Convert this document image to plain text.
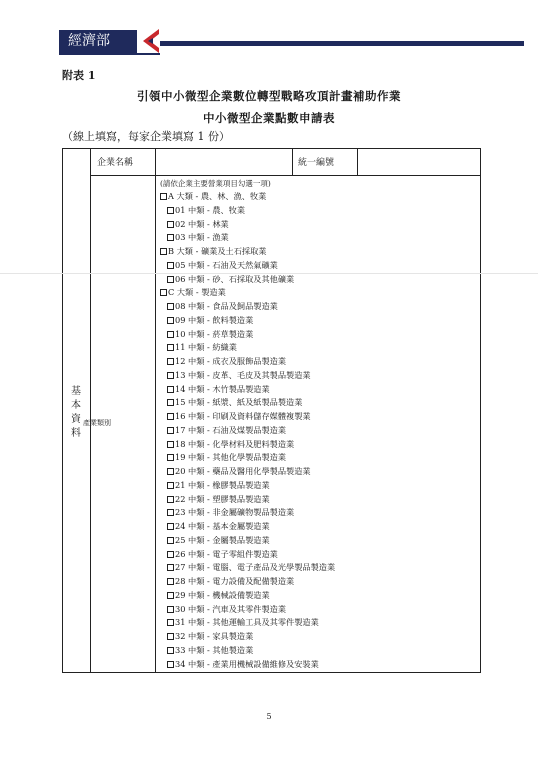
經濟部
附表 1
引領中小微型企業數位轉型戰略攻頂計畫補助作業
中小微型企業點數申請表
（線上填寫，每家企業填寫 1 份）
企業名稱	統一編號
基本資料
產業類別
(請依企業主要營業項目勾選一項)
A 大類 - 農、林、漁、牧業
01 中類 - 農、牧業
02 中類 - 林業
03 中類 - 漁業
B 大類 - 礦業及土石採取業
05 中類 - 石油及天然氣礦業
06 中類 - 砂、石採取及其他礦業
C 大類 - 製造業
08 中類 - 食品及飼品製造業
09 中類 - 飲料製造業
10 中類 - 菸草製造業
11 中類 - 紡織業
12 中類 - 成衣及服飾品製造業
13 中類 - 皮革、毛皮及其製品製造業
14 中類 - 木竹製品製造業
15 中類 - 紙漿、紙及紙製品製造業
16 中類 - 印刷及資料儲存媒體複製業
17 中類 - 石油及煤製品製造業
18 中類 - 化學材料及肥料製造業
19 中類 - 其他化學製品製造業
20 中類 - 藥品及醫用化學製品製造業
21 中類 - 橡膠製品製造業
22 中類 - 塑膠製品製造業
23 中類 - 非金屬礦物製品製造業
24 中類 - 基本金屬製造業
25 中類 - 金屬製品製造業
26 中類 - 電子零組件製造業
27 中類 - 電腦、電子產品及光學製品製造業
28 中類 - 電力設備及配備製造業
29 中類 - 機械設備製造業
30 中類 - 汽車及其零件製造業
31 中類 - 其他運輸工具及其零件製造業
32 中類 - 家具製造業
33 中類 - 其他製造業
34 中類 - 產業用機械設備維修及安裝業
5
